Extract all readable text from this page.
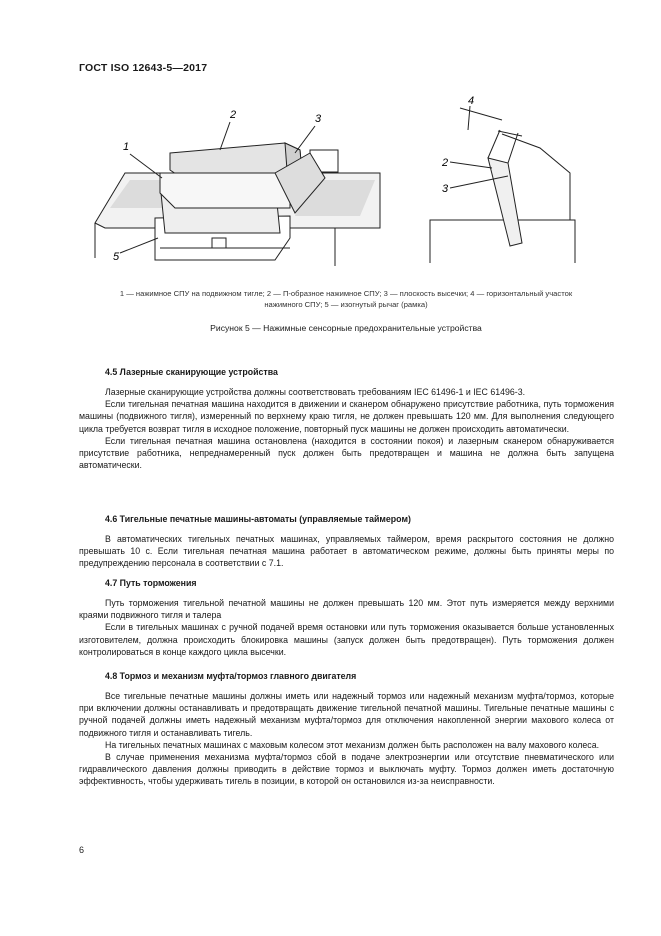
ГОСТ ISO 12643-5—2017
1
2	3
5
4
2
3
1 — нажимное СПУ на подвижном тигле; 2 — П-образное нажимное СПУ; 3 — плоскость высечки; 4 — горизонтальный участок
нажимного СПУ; 5 — изогнутый рычаг (рамка)
Рисунок 5 — Нажимные сенсорные предохранительные устройства
4.5 Лазерные сканирующие устройства

Лазерные сканирующие устройства должны соответствовать требованиям IEC 61496-1 и IEC 61496-3.

Если тигельная печатная машина находится в движении и сканером обнаружено присутствие работника, путь торможения машины (подвижного тигля), измеренный по верхнему краю тигля, не должен превышать 120 мм. Для выполнения следующего цикла требуется возврат тигля в исходное положение, повторный пуск машины не должен происходить автоматически.

Если тигельная печатная машина остановлена (находится в состоянии покоя) и лазерным сканером обнаруживается присутствие работника, непреднамеренный пуск должен быть предотвращен и машина не должна быть запущена автоматически.

4.6 Тигельные печатные машины-автоматы (управляемые таймером)

В автоматических тигельных печатных машинах, управляемых таймером, время раскрытого состояния не должно превышать 10 с. Если тигельная печатная машина работает в автоматическом режиме, должны быть приняты меры по предупреждению персонала в соответствии с 7.1.

4.7 Путь торможения

Путь торможения тигельной печатной машины не должен превышать 120 мм. Этот путь измеряется между верхними краями подвижного тигля и талера

Если в тигельных машинах с ручной подачей время остановки или путь торможения оказывается больше установленных изготовителем, должна происходить блокировка машины (запуск должен быть предотвращен). Путь торможения должен контролироваться в конце каждого цикла высечки.

4.8 Тормоз и механизм муфта/тормоз главного двигателя

Все тигельные печатные машины должны иметь или надежный тормоз или надежный механизм муфта/тормоз, которые при включении должны останавливать и предотвращать движение тигельной печатной машины. Тигельные печатные машины с ручной подачей должны иметь надежный механизм муфта/тормоз для отключения накопленной энергии махового колеса от подвижного тигля и останавливать тигель.

На тигельных печатных машинах с маховым колесом этот механизм должен быть расположен на валу махового колеса.

В случае применения механизма муфта/тормоз сбой в подаче электроэнергии или отсутствие пневматического или гидравлического давления должны приводить в действие тормоз и выключать муфту. Тормоз должен иметь достаточную эффективность, чтобы удерживать тигель в позиции, в которой он остановился из-за неисправности.

6
